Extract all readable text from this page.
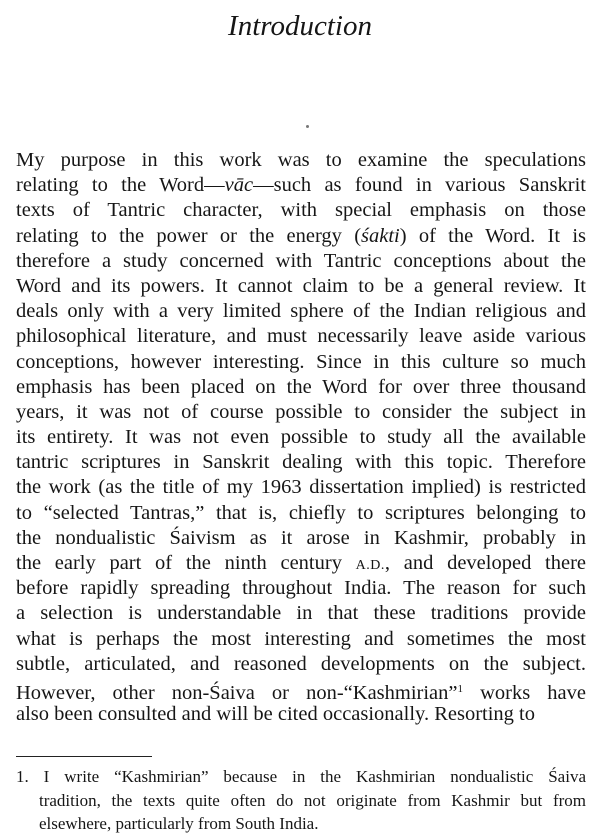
Introduction
My purpose in this work was to examine the speculations
relating to the Word—vāc—such as found in various Sanskrit
texts of Tantric character, with special emphasis on those
relating to the power or the energy (śakti) of the Word. It is
therefore a study concerned with Tantric conceptions about the
Word and its powers. It cannot claim to be a general review. It
deals only with a very limited sphere of the Indian religious and
philosophical literature, and must necessarily leave aside various
conceptions, however interesting. Since in this culture so much
emphasis has been placed on the Word for over three thousand
years, it was not of course possible to consider the subject in
its entirety. It was not even possible to study all the available
tantric scriptures in Sanskrit dealing with this topic. Therefore
the work (as the title of my 1963 dissertation implied) is restricted
to “selected Tantras,” that is, chiefly to scriptures belonging to
the nondualistic Śaivism as it arose in Kashmir, probably in
the early part of the ninth century A.D., and developed there
before rapidly spreading throughout India. The reason for such
a selection is understandable in that these traditions provide
what is perhaps the most interesting and sometimes the most
subtle, articulated, and reasoned developments on the subject.
However, other non-Śaiva or non-“Kashmirian”$^1$ works have
also been consulted and will be cited occasionally. Resorting to
1. I write “Kashmirian” because in the Kashmirian nondualistic Śaiva
tradition, the texts quite often do not originate from Kashmir but from
elsewhere, particularly from South India.
